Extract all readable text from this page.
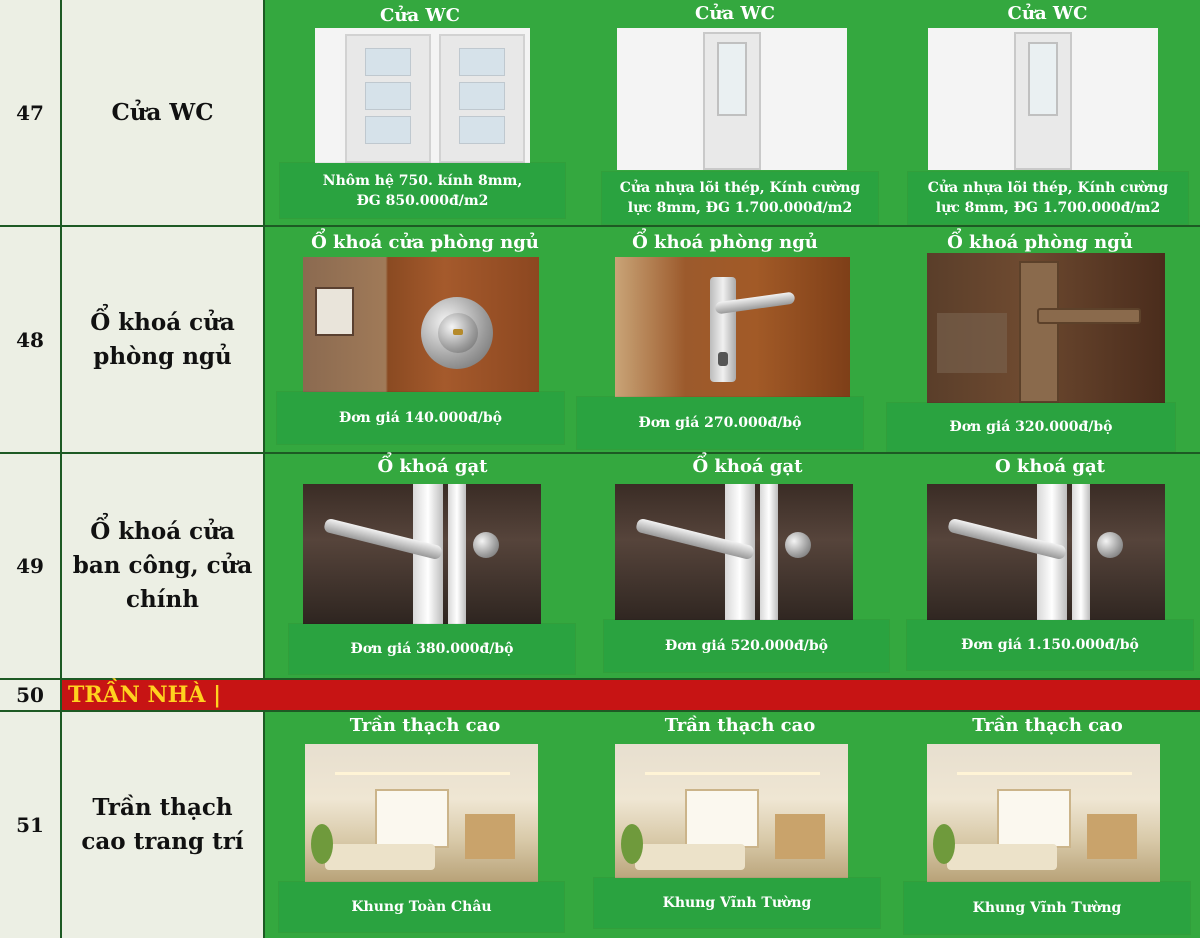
47	Cửa WC
Cửa WC
Nhôm hệ 750. kính 8mm, ĐG 850.000đ/m2
Cửa WC
Cửa nhựa lõi thép, Kính cường lực 8mm, ĐG 1.700.000đ/m2
Cửa WC
Cửa nhựa lõi thép, Kính cường lực 8mm, ĐG 1.700.000đ/m2
48
Ổ khoá cửa phòng ngủ
Ổ khoá cửa phòng ngủ
Đơn giá 140.000đ/bộ
Ổ khoá phòng ngủ
Đơn giá 270.000đ/bộ
Ổ khoá phòng ngủ
Đơn giá 320.000đ/bộ
49
Ổ khoá cửa ban công, cửa chính
Ổ khoá gạt
Đơn giá 380.000đ/bộ
Ổ khoá gạt
Đơn giá 520.000đ/bộ
O khoá gạt
Đơn giá 1.150.000đ/bộ
50	TRẦN NHÀ |
51
Trần thạch cao trang trí
Trần thạch cao
Khung Toàn Châu
Trần thạch cao
Khung Vĩnh Tường
Trần thạch cao
Khung Vĩnh Tường
